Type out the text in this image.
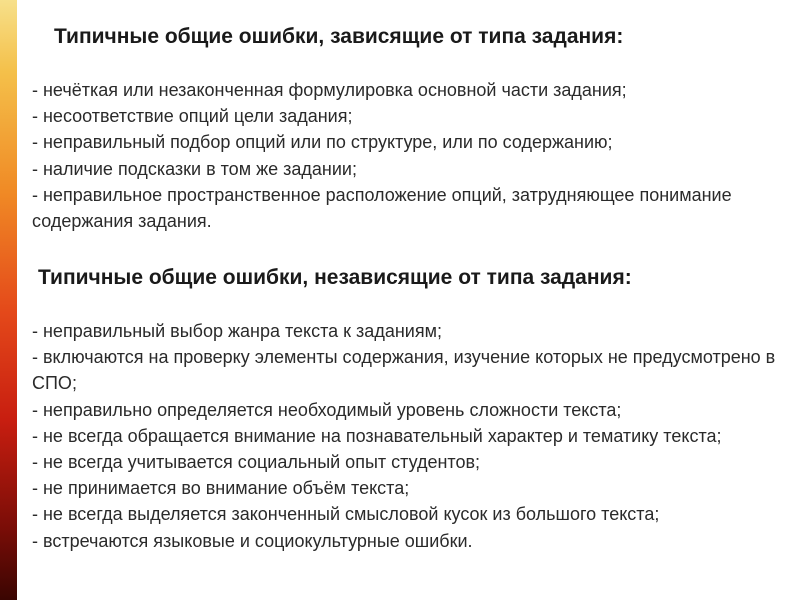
Типичные общие ошибки, зависящие от типа задания:
- нечёткая или незаконченная формулировка основной части задания;
- несоответствие опций цели задания;
- неправильный подбор опций или по структуре, или по содержанию;
- наличие подсказки в том же задании;
- неправильное пространственное расположение опций, затрудняющее понимание содержания задания.
Типичные общие ошибки, независящие от типа задания:
- неправильный выбор жанра текста к заданиям;
- включаются на проверку элементы содержания, изучение которых не предусмотрено в СПО;
- неправильно определяется необходимый уровень сложности текста;
- не всегда обращается внимание на познавательный характер и тематику текста;
- не всегда учитывается социальный опыт студентов;
- не принимается во внимание объём текста;
- не всегда выделяется законченный смысловой кусок из большого текста;
- встречаются языковые и социокультурные ошибки.
